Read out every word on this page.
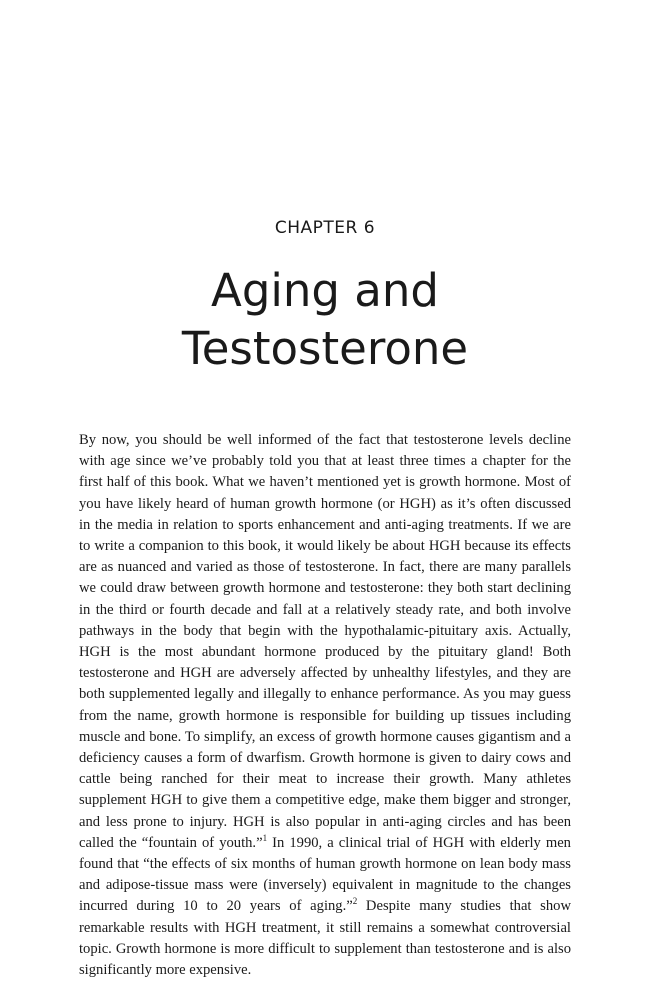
CHAPTER 6
Aging and
Testosterone

By now, you should be well informed of the fact that testosterone levels decline with age since we’ve probably told you that at least three times a chapter for the first half of this book. What we haven’t mentioned yet is growth hormone. Most of you have likely heard of human growth hormone (or HGH) as it’s often discussed in the media in relation to sports enhancement and anti-aging treatments. If we are to write a companion to this book, it would likely be about HGH because its effects are as nuanced and varied as those of testosterone. In fact, there are many parallels we could draw between growth hormone and testosterone: they both start declining in the third or fourth decade and fall at a relatively steady rate, and both involve pathways in the body that begin with the hypothalamic-pituitary axis. Actually, HGH is the most abundant hormone produced by the pituitary gland! Both testosterone and HGH are adversely affected by unhealthy lifestyles, and they are both supplemented legally and illegally to enhance performance. As you may guess from the name, growth hormone is responsible for building up tissues including muscle and bone. To simplify, an excess of growth hormone causes gigantism and a deficiency causes a form of dwarfism. Growth hormone is given to dairy cows and cattle being ranched for their meat to increase their growth. Many athletes supplement HGH to give them a competitive edge, make them bigger and stronger, and less prone to injury. HGH is also popular in anti-aging circles and has been called the “fountain of youth.”$^1$ In 1990, a clinical trial of HGH with elderly men found that “the effects of six months of human growth hormone on lean body mass and adipose-tissue mass were (inversely) equivalent in magnitude to the changes incurred during 10 to 20 years of aging.”$^2$ Despite many studies that show remarkable results with HGH treatment, it still remains a somewhat controversial topic. Growth hormone is more difficult to supplement than testosterone and is also significantly more expensive.
